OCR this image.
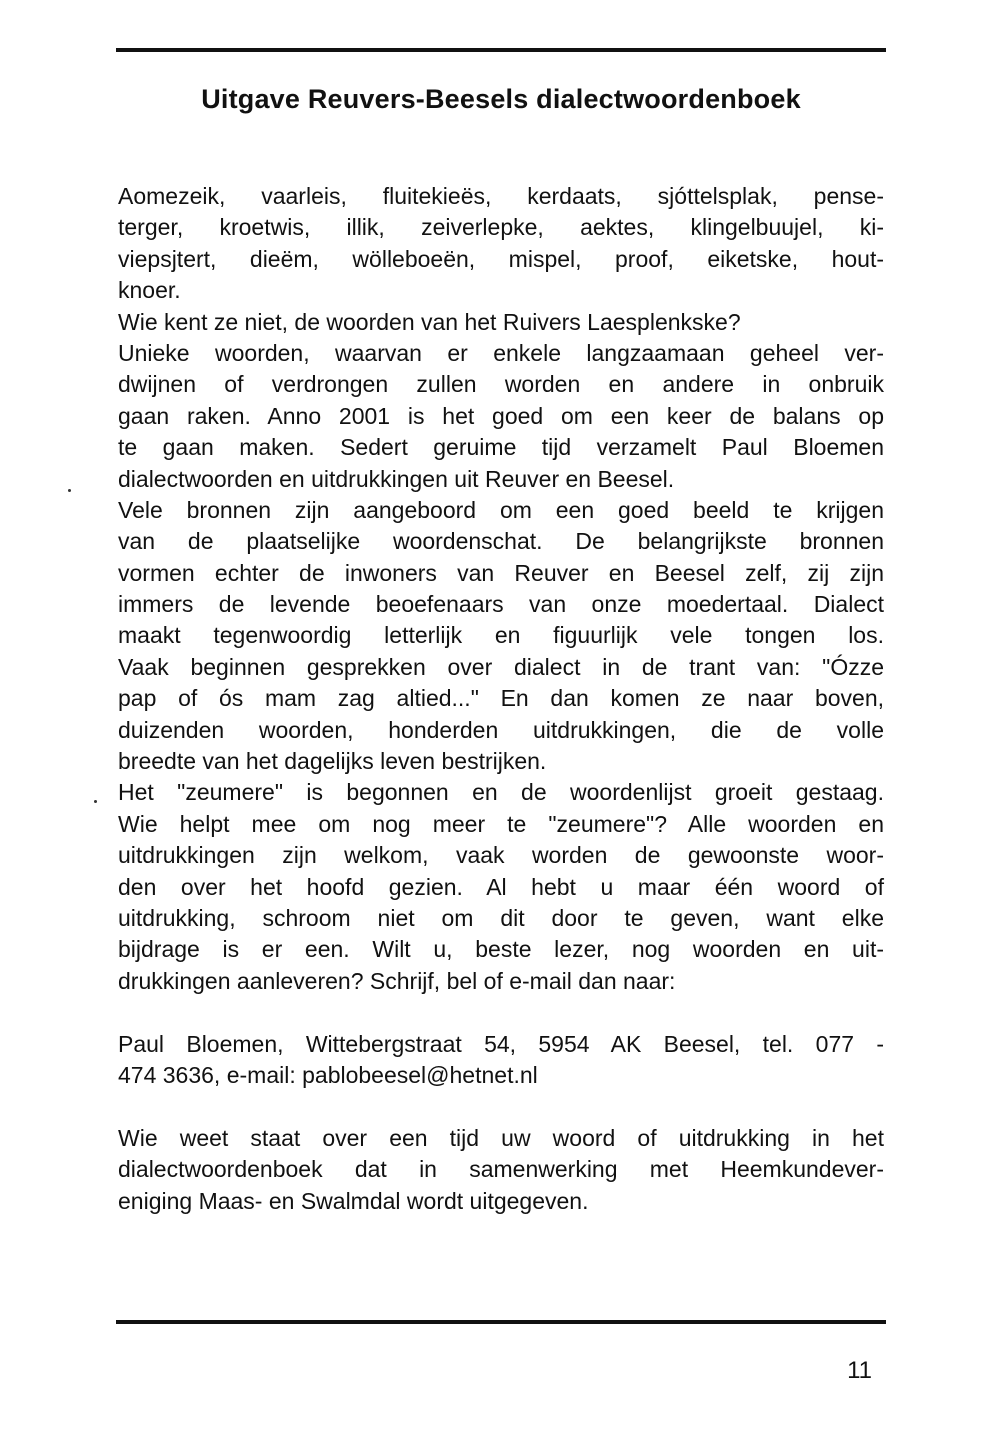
Uitgave Reuvers-Beesels dialectwoordenboek
Aomezeik, vaarleis, fluitekieës, kerdaats, sjóttelsplak, pense-
terger, kroetwis, illik, zeiverlepke, aektes, klingelbuujel, ki-
viepsjtert, dieëm, wölleboeën, mispel, proof, eiketske, hout-
knoer.
Wie kent ze niet, de woorden van het Ruivers Laesplenkske?
Unieke woorden, waarvan er enkele langzaamaan geheel ver-
dwijnen of verdrongen zullen worden en andere in onbruik
gaan raken. Anno 2001 is het goed om een keer de balans op
te gaan maken. Sedert geruime tijd verzamelt Paul Bloemen
dialectwoorden en uitdrukkingen uit Reuver en Beesel.
Vele bronnen zijn aangeboord om een goed beeld te krijgen
van de plaatselijke woordenschat. De belangrijkste bronnen
vormen echter de inwoners van Reuver en Beesel zelf, zij zijn
immers de levende beoefenaars van onze moedertaal. Dialect
maakt tegenwoordig letterlijk en figuurlijk vele tongen los.
Vaak beginnen gesprekken over dialect in de trant van: "Ózze
pap of ós mam zag altied..." En dan komen ze naar boven,
duizenden woorden, honderden uitdrukkingen, die de volle
breedte van het dagelijks leven bestrijken.
Het "zeumere" is begonnen en de woordenlijst groeit gestaag.
Wie helpt mee om nog meer te "zeumere"? Alle woorden en
uitdrukkingen zijn welkom, vaak worden de gewoonste woor-
den over het hoofd gezien. Al hebt u maar één woord of
uitdrukking, schroom niet om dit door te geven, want elke
bijdrage is er een. Wilt u, beste lezer, nog woorden en uit-
drukkingen aanleveren? Schrijf, bel of e-mail dan naar:
Paul Bloemen, Wittebergstraat 54, 5954 AK Beesel, tel. 077 -
474 3636, e-mail: pablobeesel@hetnet.nl
Wie weet staat over een tijd uw woord of uitdrukking in het
dialectwoordenboek dat in samenwerking met Heemkundever-
eniging Maas- en Swalmdal wordt uitgegeven.
11
